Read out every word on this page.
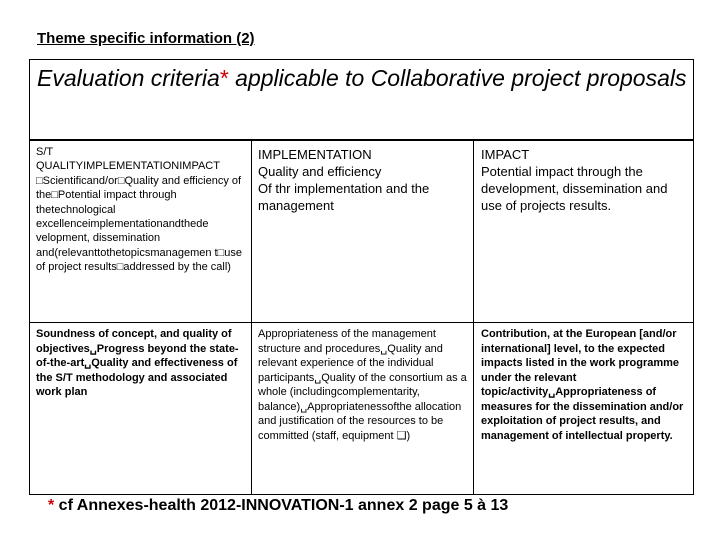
Theme specific information (2)
Evaluation criteria* applicable to Collaborative project proposals

S/T

QUALITYIMPLEMENTATIONIMPACT □Scientificand/or□Quality and efficiency of the□Potential impact through thetechnological excellenceimplementationandthede velopment, dissemination and(relevanttothetopicsmanagemen t□use of project results□addressed by the call)

IMPLEMENTATION

Quality and efficiency

Of thr implementation and the management

IMPACT

Potential impact through the development, dissemination and use of projects results.

Soundness of concept, and quality of objectives␣Progress beyond the state- of-the-art␣Quality and effectiveness of the S/T methodology and associated work plan

Appropriateness of the management structure and procedures␣Quality and relevant experience of the individual participants␣Quality of the consortium as a whole (includingcomplementarity, balance)␣Appropriatenessofthe allocation and justification of the resources to be committed (staff, equipment ❑)

Contribution, at the European [and/or international] level, to the expected impacts listed in the work programme under the relevant topic/activity␣Appropriateness of measures for the dissemination and/or exploitation of project results, and management of intellectual property.

* cf Annexes-health 2012-INNOVATION-1 annex 2 page 5 à 13
